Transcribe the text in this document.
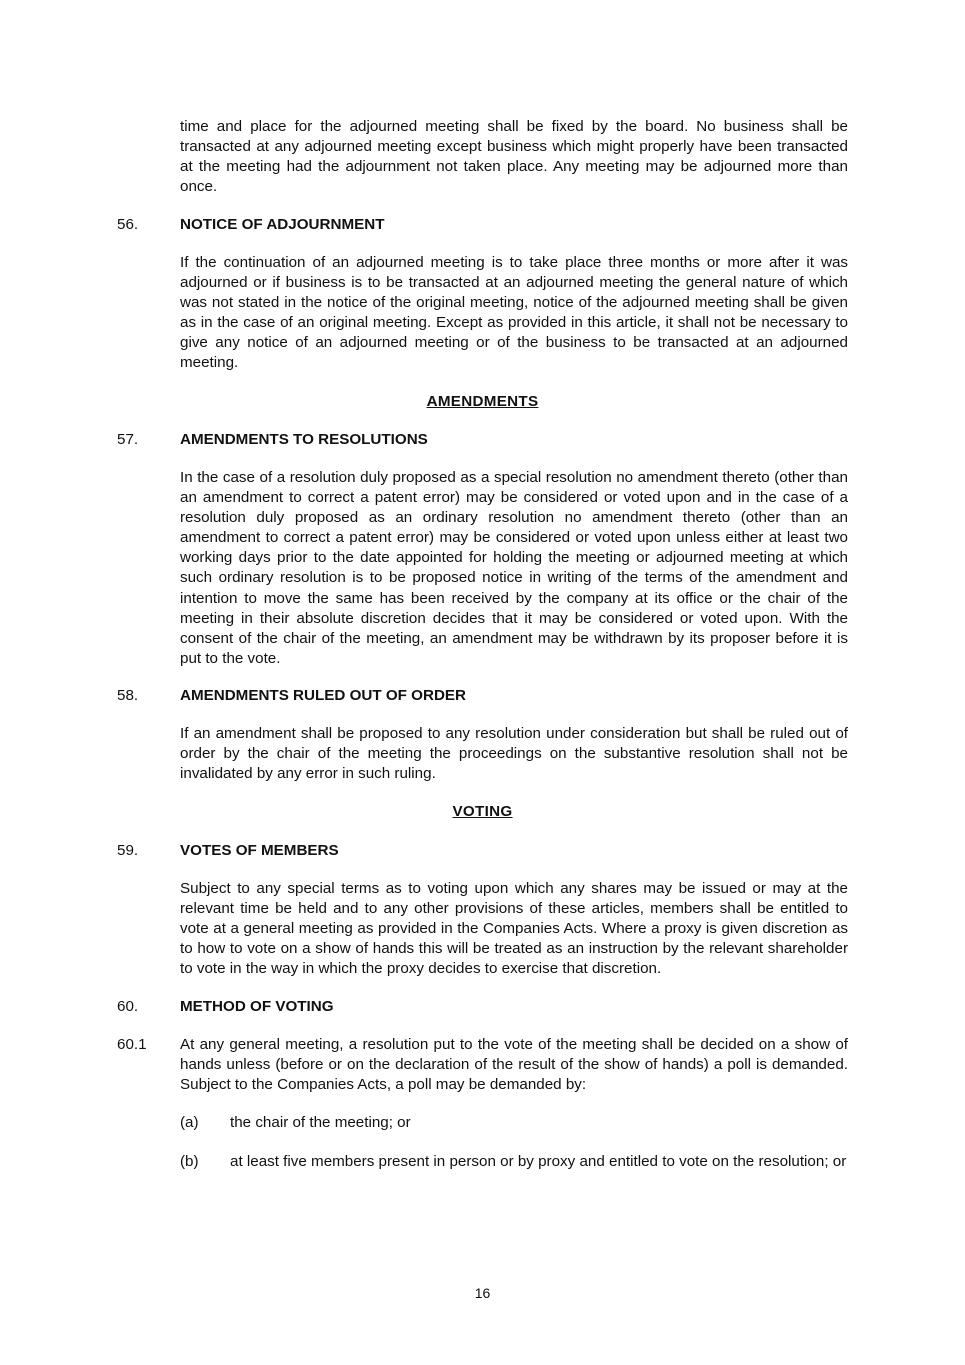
time and place for the adjourned meeting shall be fixed by the board. No business shall be transacted at any adjourned meeting except business which might properly have been transacted at the meeting had the adjournment not taken place. Any meeting may be adjourned more than once.

56.	NOTICE OF ADJOURNMENT

If the continuation of an adjourned meeting is to take place three months or more after it was adjourned or if business is to be transacted at an adjourned meeting the general nature of which was not stated in the notice of the original meeting, notice of the adjourned meeting shall be given as in the case of an original meeting. Except as provided in this article, it shall not be necessary to give any notice of an adjourned meeting or of the business to be transacted at an adjourned meeting.

AMENDMENTS

57.	AMENDMENTS TO RESOLUTIONS

In the case of a resolution duly proposed as a special resolution no amendment thereto (other than an amendment to correct a patent error) may be considered or voted upon and in the case of a resolution duly proposed as an ordinary resolution no amendment thereto (other than an amendment to correct a patent error) may be considered or voted upon unless either at least two working days prior to the date appointed for holding the meeting or adjourned meeting at which such ordinary resolution is to be proposed notice in writing of the terms of the amendment and intention to move the same has been received by the company at its office or the chair of the meeting in their absolute discretion decides that it may be considered or voted upon. With the consent of the chair of the meeting, an amendment may be withdrawn by its proposer before it is put to the vote.

58.	AMENDMENTS RULED OUT OF ORDER

If an amendment shall be proposed to any resolution under consideration but shall be ruled out of order by the chair of the meeting the proceedings on the substantive resolution shall not be invalidated by any error in such ruling.

VOTING

59.	VOTES OF MEMBERS

Subject to any special terms as to voting upon which any shares may be issued or may at the relevant time be held and to any other provisions of these articles, members shall be entitled to vote at a general meeting as provided in the Companies Acts. Where a proxy is given discretion as to how to vote on a show of hands this will be treated as an instruction by the relevant shareholder to vote in the way in which the proxy decides to exercise that discretion.

60.	METHOD OF VOTING

60.1 At any general meeting, a resolution put to the vote of the meeting shall be decided on a show of hands unless (before or on the declaration of the result of the show of hands) a poll is demanded. Subject to the Companies Acts, a poll may be demanded by:

(a) the chair of the meeting; or

(b) at least five members present in person or by proxy and entitled to vote on the resolution; or

16
